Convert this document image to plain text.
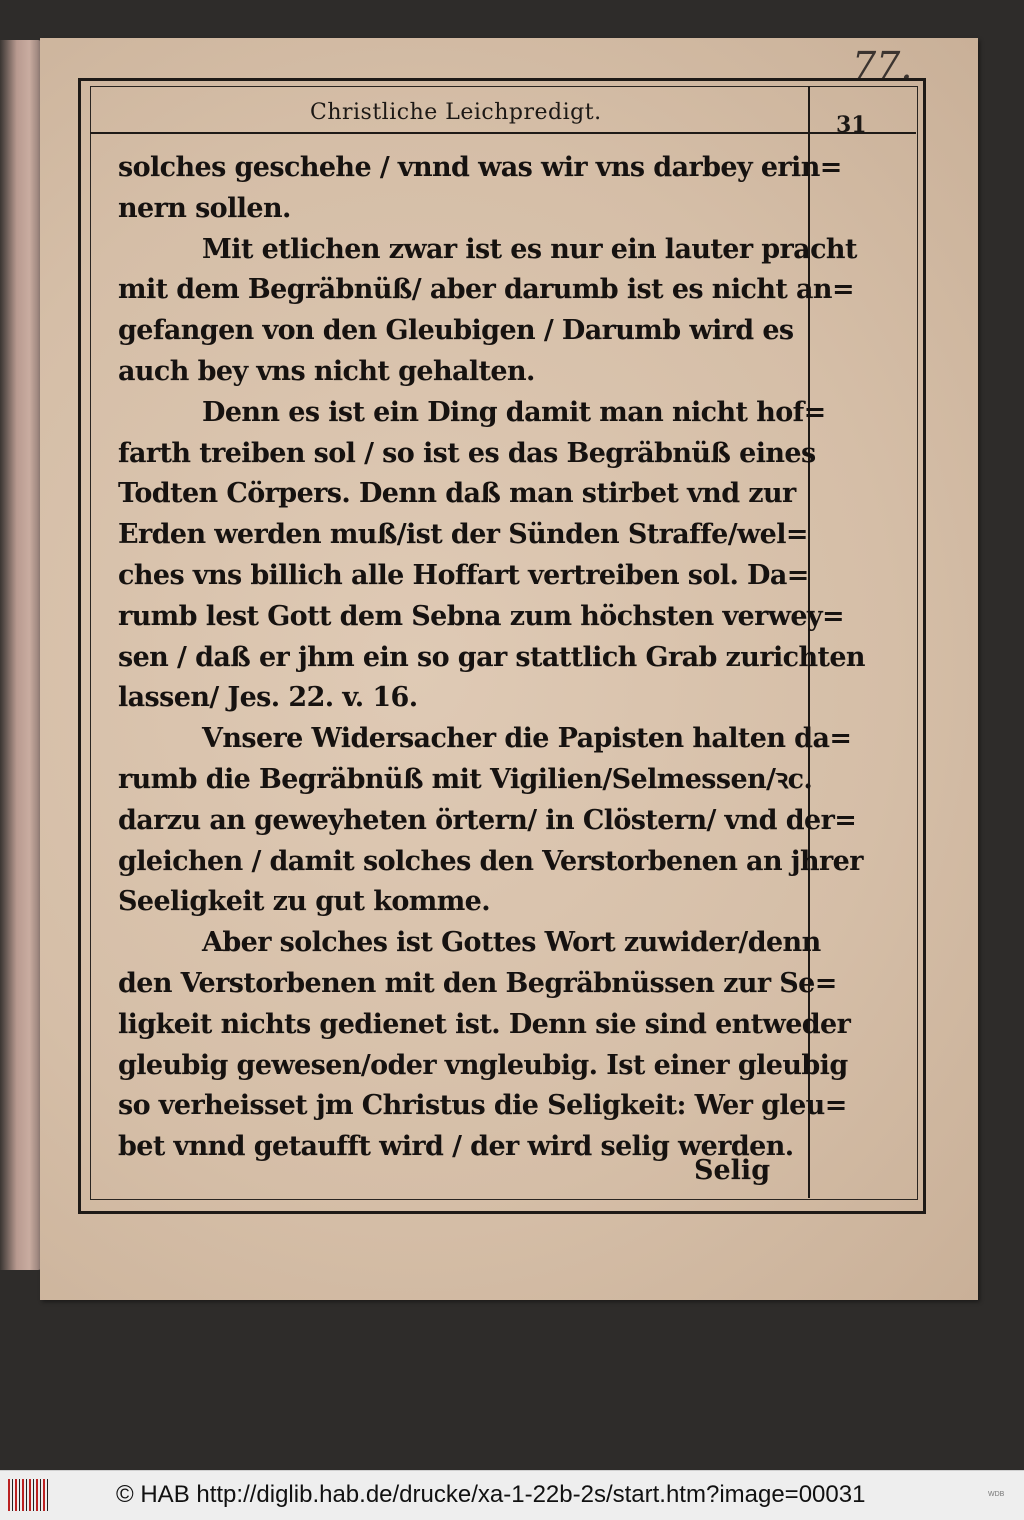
77.
Christliche Leichpredigt.	31
solches geschehe / vnnd was wir vns darbey erin=
nern sollen.
Mit etlichen zwar ist es nur ein lauter pracht
mit dem Begräbnüß/ aber darumb ist es nicht an=
gefangen von den Gleubigen / Darumb wird es
auch bey vns nicht gehalten.
Denn es ist ein Ding damit man nicht hof=
farth treiben sol / so ist es das Begräbnüß eines
Todten Cörpers. Denn daß man stirbet vnd zur
Erden werden muß/ist der Sünden Straffe/wel=
ches vns billich alle Hoffart vertreiben sol. Da=
rumb lest Gott dem Sebna zum höchsten verwey=
sen / daß er jhm ein so gar stattlich Grab zurichten
lassen/ Jes. 22. v. 16.
Vnsere Widersacher die Papisten halten da=
rumb die Begräbnüß mit Vigilien/Selmessen/ꝛc.
darzu an geweyheten örtern/ in Clöstern/ vnd der=
gleichen / damit solches den Verstorbenen an jhrer
Seeligkeit zu gut komme.
Aber solches ist Gottes Wort zuwider/denn
den Verstorbenen mit den Begräbnüssen zur Se=
ligkeit nichts gedienet ist. Denn sie sind entweder
gleubig gewesen/oder vngleubig. Ist einer gleubig
so verheisset jm Christus die Seligkeit: Wer gleu=
bet vnnd getaufft wird / der wird selig werden.
Selig
© HAB http://diglib.hab.de/drucke/xa-1-22b-2s/start.htm?image=00031	WDB
